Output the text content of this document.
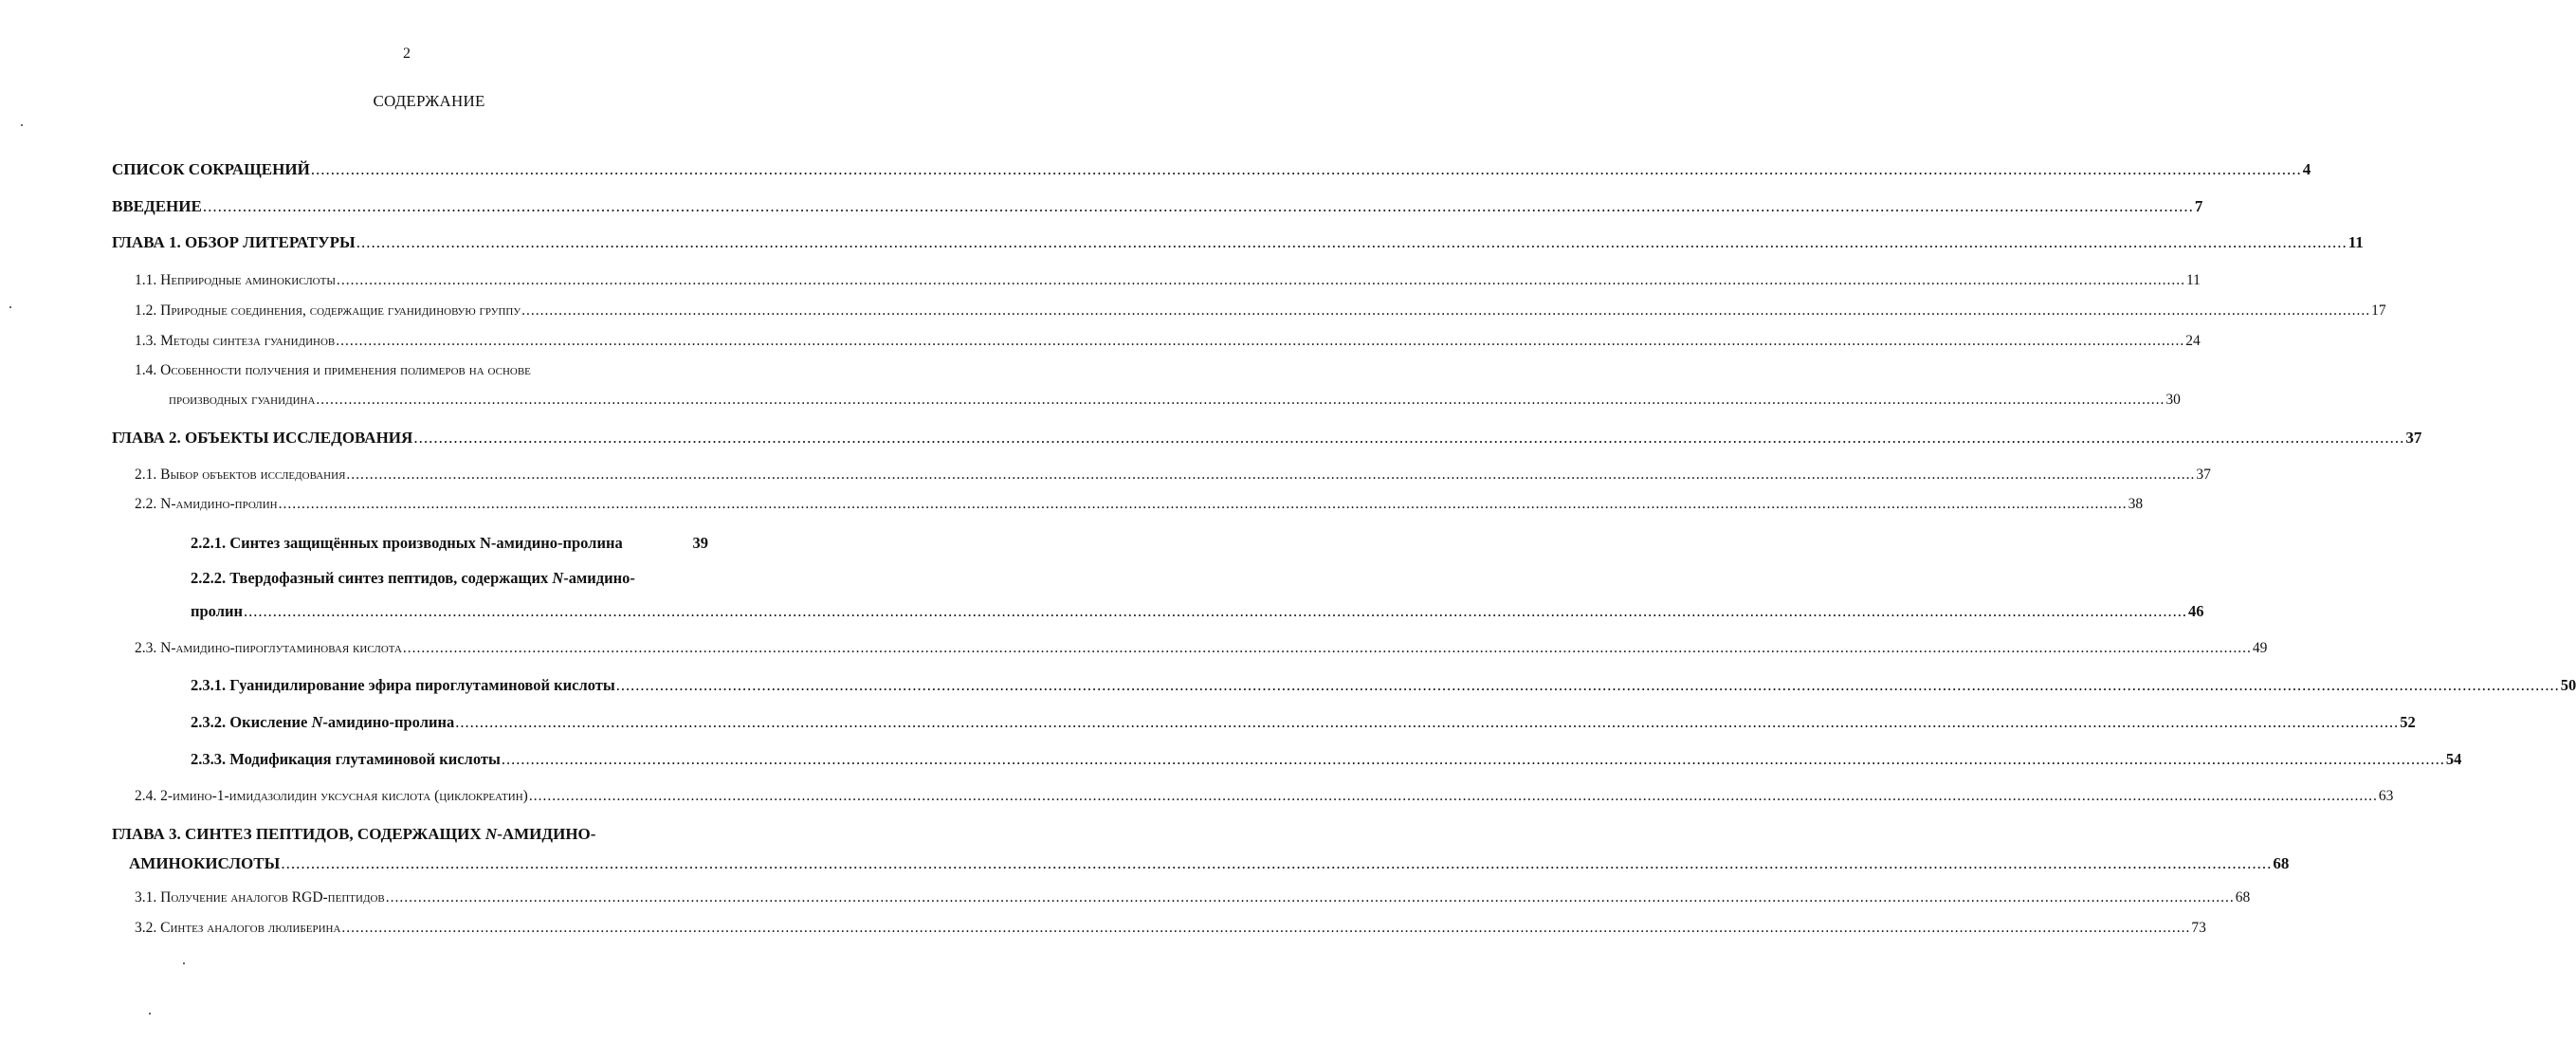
2
СОДЕРЖАНИЕ
СПИСОК СОКРАЩЕНИЙ ................................................................................................................................................................................................................................................................................................................................................................................................................ 4
ВВЕДЕНИЕ ................................................................................................................................................................................................................................................................................................................................................................................................................ 7
ГЛАВА 1. ОБЗОР ЛИТЕРАТУРЫ ................................................................................................................................................................................................................................................................................................................................................................................................................ 11
1.1. Неприродные аминокислоты ................................................................................................................................................................................................................................................................................................................................................................................................................ 11
1.2. Природные соединения, содержащие гуанидиновую группу ................................................................................................................................................................................................................................................................................................................................................................................................................ 17
1.3. Методы синтеза гуанидинов ................................................................................................................................................................................................................................................................................................................................................................................................................ 24
1.4. Особенности получения и применения полимеров на основе
производных гуанидина ................................................................................................................................................................................................................................................................................................................................................................................................................ 30
ГЛАВА 2. ОБЪЕКТЫ ИССЛЕДОВАНИЯ ................................................................................................................................................................................................................................................................................................................................................................................................................ 37
2.1. Выбор объектов исследования ................................................................................................................................................................................................................................................................................................................................................................................................................ 37
2.2. N-амидино-пролин ................................................................................................................................................................................................................................................................................................................................................................................................................ 38
2.2.1. Синтез защищённых производных N-амидино-пролина	39
2.2.2. Твердофазный синтез пептидов, содержащих N-амидино-
пролин ................................................................................................................................................................................................................................................................................................................................................................................................................ 46
2.3. N-амидино-пироглутаминовая кислота ................................................................................................................................................................................................................................................................................................................................................................................................................ 49
2.3.1. Гуанидилирование эфира пироглутаминовой кислоты ................................................................................................................................................................................................................................................................................................................................................................................................................ 50
2.3.2. Окисление N-амидино-пролина ................................................................................................................................................................................................................................................................................................................................................................................................................ 52
2.3.3. Модификация глутаминовой кислоты ................................................................................................................................................................................................................................................................................................................................................................................................................ 54
2.4. 2-имино-1-имидазолидин уксусная кислота (циклокреатин) ................................................................................................................................................................................................................................................................................................................................................................................................................ 63
ГЛАВА 3. СИНТЕЗ ПЕПТИДОВ, СОДЕРЖАЩИХ N-АМИДИНО-
АМИНОКИСЛОТЫ ................................................................................................................................................................................................................................................................................................................................................................................................................ 68
3.1. Получение аналогов RGD-пептидов ................................................................................................................................................................................................................................................................................................................................................................................................................ 68
3.2. Синтез аналогов люлиберина ................................................................................................................................................................................................................................................................................................................................................................................................................ 73
